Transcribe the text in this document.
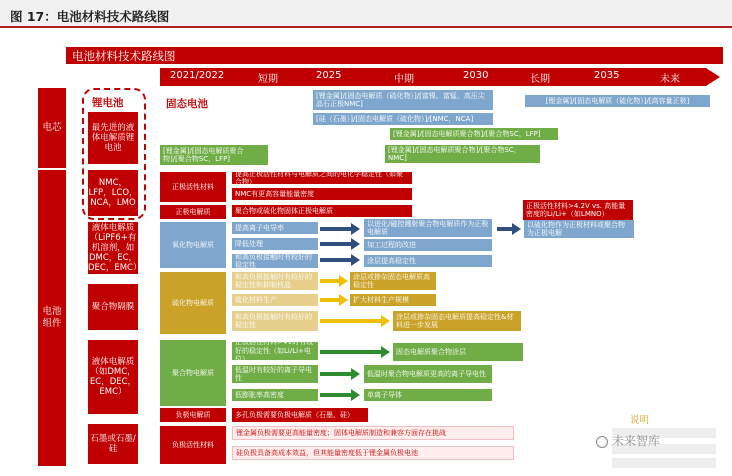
图 17：电池材料技术路线图
电池材料技术路线图
2021/2022	短期	2025	中期	2030	长期	2035	未来
电芯
电池组件
锂电池
最先进的液体电解质锂电池
NMC，LFP，LCO，NCA，LMO
液体电解质（LiPF6+有机溶剂，如DMC，EC，DEC，EMC）
聚合物隔膜
液体电解质（如DMC，EC，DEC，EMC）
石墨或石墨/硅
固态电池
[锂金属]/[固态电解质（硫化物）]/[富镍、富锰、高压尖晶石正极NMC]	[锂金属]/[固态电解质（硫化物）]/[高容量正极]
[硅（石墨）]/[固态电解质（硫化物）]/[NMC，NCA]
[锂金属]/[固态电解质聚合物]/[聚合物SC，LFP]
[锂金属]/[固态电解质聚合物]/[聚合物SC，LFP]
[锂金属]/[固态电解质聚合物]/[聚合物SC，NMC]
正极活性材料
正极电解质
氧化物电解质
硫化物电解质
聚合物电解质
负极电解质
负极活性材料
提高正极活性材料与电解质之间的电化学稳定性（如聚合物）
NMC有更高容量能量密度
正极活性材料>4.2V vs. 高能量密度的Li/Li+（如LMNO）
聚合物或硫化物固体正极电解质
提高离子电导率
降低处理
和高负极接触时有较好的稳定性
以进化/磁控溅射聚合物电解质作为正极电解质
加工过程的改进
涂层提高稳定性
以硫化物作为正极材料或聚合物为正极电解
和高负极接触时有较好的稳定性和抑制枝晶
硫化材料生产
和高负极接触时有较好的稳定性
涂层或掺杂固态电解质高稳定性
扩大材料生产规模
涂层或掺杂固态电解质提高稳定性&材料进一步发展
正极活性材料>4V时有较好的稳定性（如Li/Li+电位）
低温时有较好的离子导电性
低膨胀率高密度
固态电解质聚合物涂层
低温时聚合物电解质更高的离子导电性
单离子导体
多孔负极需要负极电解质（石墨、硅）
锂金属负极需要更高能量密度；固体电解质制造和兼容方面存在挑战
硅负极具备高成本效益，但其能量密度低于锂金属负极电池
说明
未来智库
